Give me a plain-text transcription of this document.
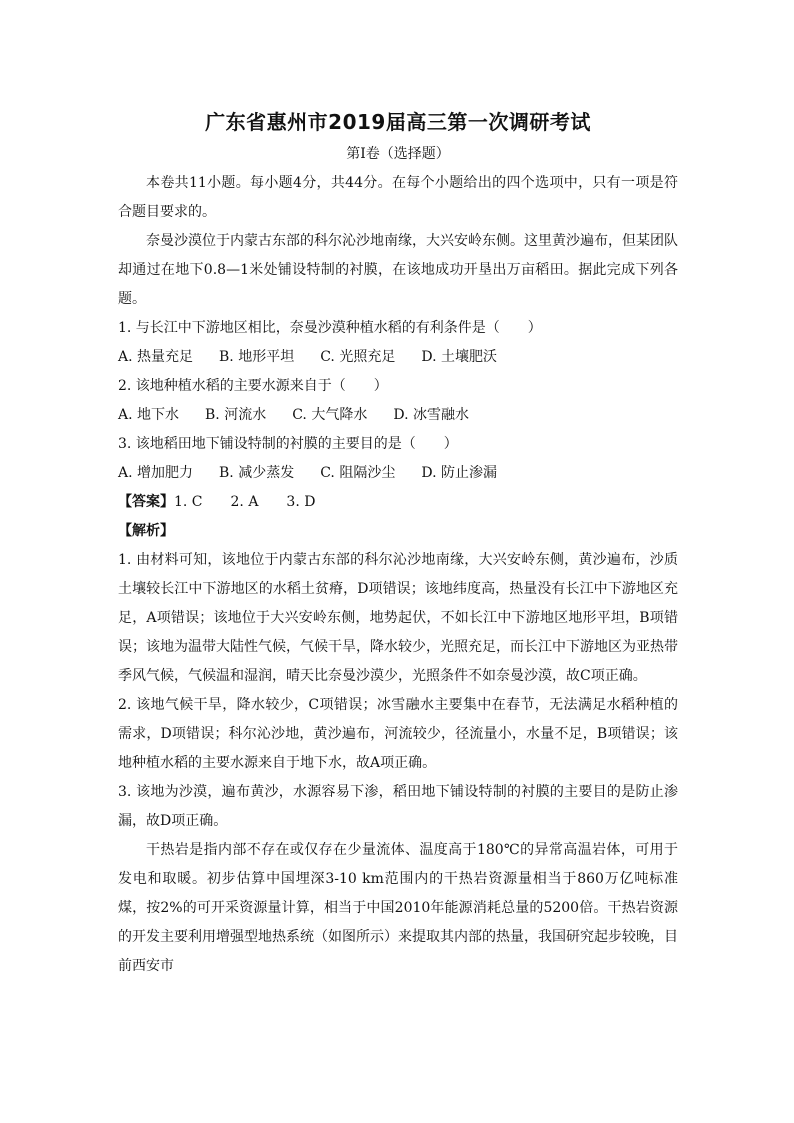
广东省惠州市2019届高三第一次调研考试
第Ⅰ卷（选择题）

本卷共11小题。每小题4分，共44分。在每个小题给出的四个选项中，只有一项是符合题目要求的。

奈曼沙漠位于内蒙古东部的科尔沁沙地南缘，大兴安岭东侧。这里黄沙遍布，但某团队却通过在地下0.8—1米处铺设特制的衬膜，在该地成功开垦出万亩稻田。据此完成下列各题。

1. 与长江中下游地区相比，奈曼沙漠种植水稻的有利条件是（　　）

A. 热量充足 B. 地形平坦 C. 光照充足 D. 土壤肥沃

2. 该地种植水稻的主要水源来自于（　　）

A. 地下水 B. 河流水 C. 大气降水 D. 冰雪融水

3. 该地稻田地下铺设特制的衬膜的主要目的是（　　）

A. 增加肥力 B. 减少蒸发 C. 阻隔沙尘 D. 防止渗漏

【答案】1. C　　2. A　　3. D

【解析】

1. 由材料可知，该地位于内蒙古东部的科尔沁沙地南缘，大兴安岭东侧，黄沙遍布，沙质土壤较长江中下游地区的水稻土贫瘠，D项错误；该地纬度高，热量没有长江中下游地区充足，A项错误；该地位于大兴安岭东侧，地势起伏，不如长江中下游地区地形平坦，B项错误；该地为温带大陆性气候，气候干旱，降水较少，光照充足，而长江中下游地区为亚热带季风气候，气候温和湿润，晴天比奈曼沙漠少，光照条件不如奈曼沙漠，故C项正确。

2. 该地气候干旱，降水较少，C项错误；冰雪融水主要集中在春节，无法满足水稻种植的需求，D项错误；科尔沁沙地，黄沙遍布，河流较少，径流量小，水量不足，B项错误；该地种植水稻的主要水源来自于地下水，故A项正确。

3. 该地为沙漠，遍布黄沙，水源容易下渗，稻田地下铺设特制的衬膜的主要目的是防止渗漏，故D项正确。

干热岩是指内部不存在或仅存在少量流体、温度高于180℃的异常高温岩体，可用于发电和取暖。初步估算中国埋深3-10 km范围内的干热岩资源量相当于860万亿吨标准煤，按2%的可开采资源量计算，相当于中国2010年能源消耗总量的5200倍。干热岩资源的开发主要利用增强型地热系统（如图所示）来提取其内部的热量，我国研究起步较晚，目前西安市
